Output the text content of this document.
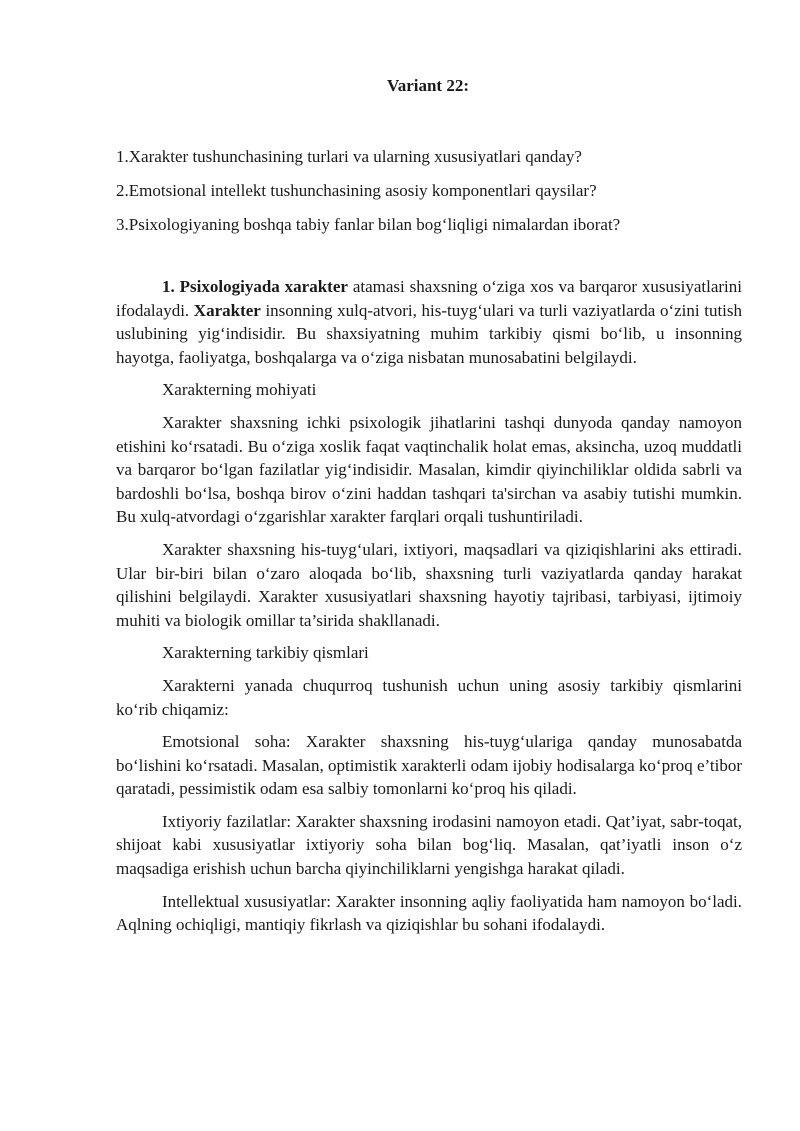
Variant 22:

1.Xarakter tushunchasining turlari va ularning xususiyatlari qanday?

2.Emotsional intellekt tushunchasining asosiy komponentlari qaysilar?

3.Psixologiyaning boshqa tabiy fanlar bilan bog‘liqligi nimalardan iborat?

1. Psixologiyada xarakter atamasi shaxsning o‘ziga xos va barqaror xususiyatlarini ifodalaydi. Xarakter insonning xulq-atvori, his-tuyg‘ulari va turli vaziyatlarda o‘zini tutish uslubining yig‘indisidir. Bu shaxsiyatning muhim tarkibiy qismi bo‘lib, u insonning hayotga, faoliyatga, boshqalarga va o‘ziga nisbatan munosabatini belgilaydi.

Xarakterning mohiyati

Xarakter shaxsning ichki psixologik jihatlarini tashqi dunyoda qanday namoyon etishini ko‘rsatadi. Bu o‘ziga xoslik faqat vaqtinchalik holat emas, aksincha, uzoq muddatli va barqaror bo‘lgan fazilatlar yig‘indisidir. Masalan, kimdir qiyinchiliklar oldida sabrli va bardoshli bo‘lsa, boshqa birov o‘zini haddan tashqari ta'sirchan va asabiy tutishi mumkin. Bu xulq-atvordagi o‘zgarishlar xarakter farqlari orqali tushuntiriladi.

Xarakter shaxsning his-tuyg‘ulari, ixtiyori, maqsadlari va qiziqishlarini aks ettiradi. Ular bir-biri bilan o‘zaro aloqada bo‘lib, shaxsning turli vaziyatlarda qanday harakat qilishini belgilaydi. Xarakter xususiyatlari shaxsning hayotiy tajribasi, tarbiyasi, ijtimoiy muhiti va biologik omillar ta’sirida shakllanadi.

Xarakterning tarkibiy qismlari

Xarakterni yanada chuqurroq tushunish uchun uning asosiy tarkibiy qismlarini ko‘rib chiqamiz:

Emotsional soha: Xarakter shaxsning his-tuyg‘ulariga qanday munosabatda bo‘lishini ko‘rsatadi. Masalan, optimistik xarakterli odam ijobiy hodisalarga ko‘proq e’tibor qaratadi, pessimistik odam esa salbiy tomonlarni ko‘proq his qiladi.

Ixtiyoriy fazilatlar: Xarakter shaxsning irodasini namoyon etadi. Qat’iyat, sabr-toqat, shijoat kabi xususiyatlar ixtiyoriy soha bilan bog‘liq. Masalan, qat’iyatli inson o‘z maqsadiga erishish uchun barcha qiyinchiliklarni yengishga harakat qiladi.

Intellektual xususiyatlar: Xarakter insonning aqliy faoliyatida ham namoyon bo‘ladi. Aqlning ochiqligi, mantiqiy fikrlash va qiziqishlar bu sohani ifodalaydi.
